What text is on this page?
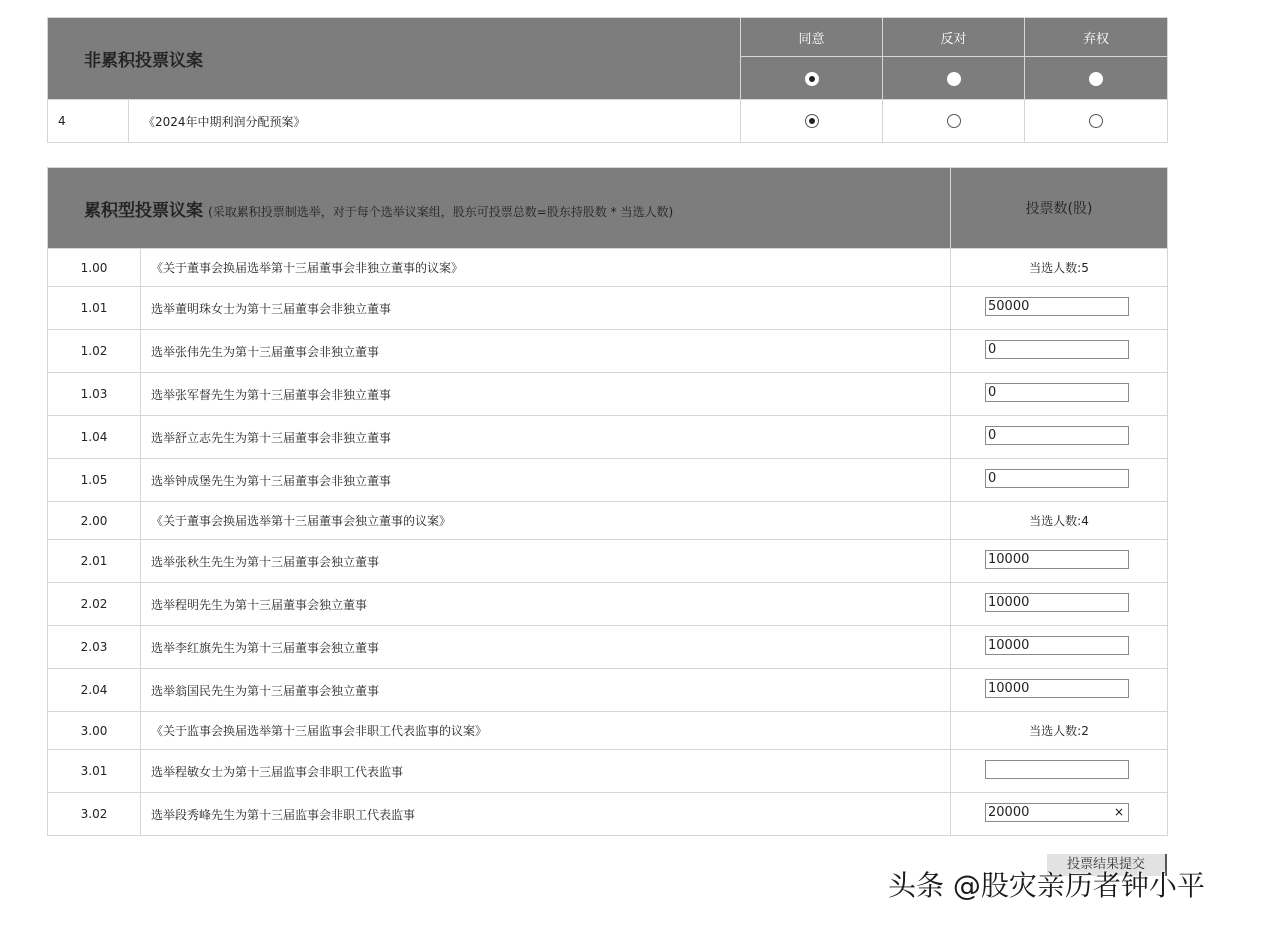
非累积投票议案		同意	反对	弃权

4	《2024年中期利润分配预案》			
累积型投票议案 (采取累积投票制选举，对于每个选举议案组，股东可投票总数=股东持股数 * 当选人数)		投票数(股)
1.00	《关于董事会换届选举第十三届董事会非独立董事的议案》	当选人数:5
1.01	选举董明珠女士为第十三届董事会非独立董事	50000

1.02	选举张伟先生为第十三届董事会非独立董事	0

1.03	选举张军督先生为第十三届董事会非独立董事	0

1.04	选举舒立志先生为第十三届董事会非独立董事	0

1.05	选举钟成堡先生为第十三届董事会非独立董事	0

2.00	《关于董事会换届选举第十三届董事会独立董事的议案》	当选人数:4
2.01	选举张秋生先生为第十三届董事会独立董事	10000

2.02	选举程明先生为第十三届董事会独立董事	10000

2.03	选举李红旗先生为第十三届董事会独立董事	10000

2.04	选举翁国民先生为第十三届董事会独立董事	10000

3.00	《关于监事会换届选举第十三届监事会非职工代表监事的议案》	当选人数:2
3.01	选举程敏女士为第十三届监事会非职工代表监事	

3.02	选举段秀峰先生为第十三届监事会非职工代表监事	20000 ×
投票结果提交
头条 @股灾亲历者钟小平
